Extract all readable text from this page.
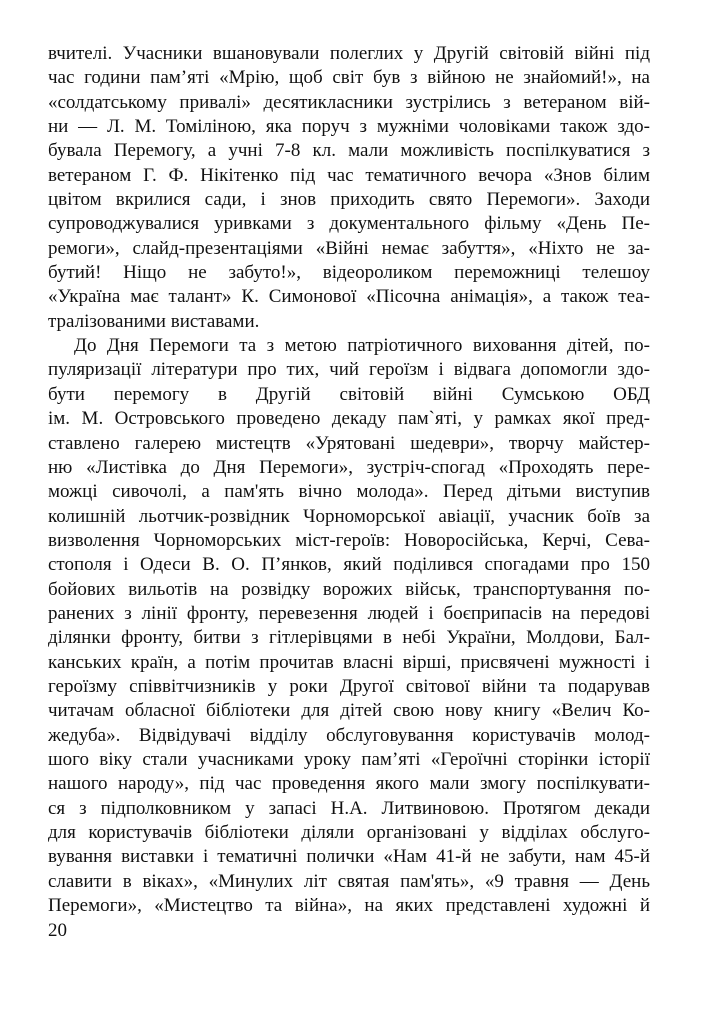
вчителі. Учасники вшановували полеглих у Другій світовій війні під
час години пам’яті «Мрію, щоб світ був з війною не знайомий!», на
«солдатському привалі» десятикласники зустрілись з ветераном вій-
ни — Л. М. Томіліною, яка поруч з мужніми чоловіками також здо-
бувала Перемогу, а учні 7-8 кл. мали можливість поспілкуватися з
ветераном Г. Ф. Нікітенко під час тематичного вечора «Знов білим
цвітом вкрилися сади, і знов приходить свято Перемоги». Заходи
супроводжувалися уривками з документального фільму «День Пе-
ремоги», слайд-презентаціями «Війні немає забуття», «Ніхто не за-
бутий! Ніщо не забуто!», відеороликом переможниці телешоу
«Україна має талант» К. Симонової «Пісочна анімація», а також теа-
тралізованими виставами.
До Дня Перемоги та з метою патріотичного виховання дітей, по-
пуляризації літератури про тих, чий героїзм і відвага допомогли здо-
бути перемогу в Другій світовій війні Сумською ОБД
ім. М. Островського проведено декаду пам`яті, у рамках якої пред-
ставлено галерею мистецтв «Урятовані шедеври», творчу майстер-
ню «Листівка до Дня Перемоги», зустріч-спогад «Проходять пере-
можці сивочолі, а пам'ять вічно молода». Перед дітьми виступив
колишній льотчик-розвідник Чорноморської авіації, учасник боїв за
визволення Чорноморських міст-героїв: Новоросійська, Керчі, Сева-
стополя і Одеси В. О. П’янков, який поділився спогадами про 150
бойових вильотів на розвідку ворожих військ, транспортування по-
ранених з лінії фронту, перевезення людей і боєприпасів на передові
ділянки фронту, битви з гітлерівцями в небі України, Молдови, Бал-
канських країн, а потім прочитав власні вірші, присвячені мужності і
героїзму співвітчизників у роки Другої світової війни та подарував
читачам обласної бібліотеки для дітей свою нову книгу «Велич Ко-
жедуба». Відвідувачі відділу обслуговування користувачів молод-
шого віку стали учасниками уроку пам’яті «Героїчні сторінки історії
нашого народу», під час проведення якого мали змогу поспілкувати-
ся з підполковником у запасі Н.А. Литвиновою. Протягом декади
для користувачів бібліотеки діляли організовані у відділах обслуго-
вування виставки і тематичні полички «Нам 41-й не забути, нам 45-й
славити в віках», «Минулих літ святая пам'ять», «9 травня — День
Перемоги», «Мистецтво та війна», на яких представлені художні й
20
